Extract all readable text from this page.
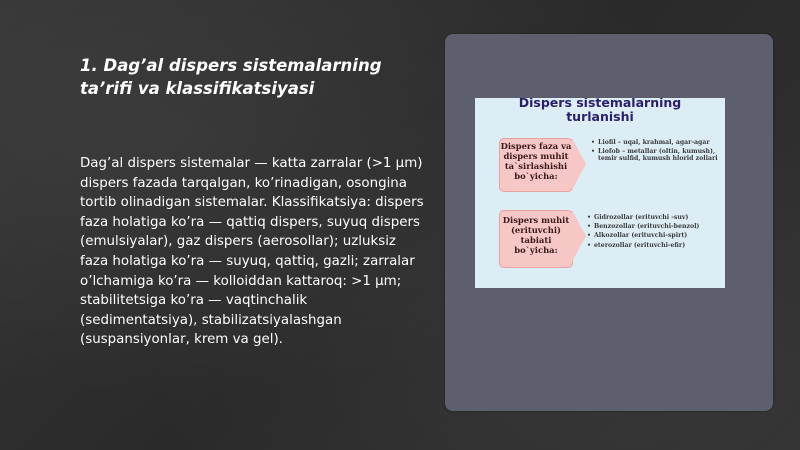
1. Dag’al dispers sistemalarning ta’rifi va klassifikatsiyasi

Dag’al dispers sistemalar — katta zarralar (>1 μm) dispers fazada tarqalgan, ko’rinadigan, osongina tortib olinadigan sistemalar. Klassifikatsiya: dispers faza holatiga ko’ra — qattiq dispers, suyuq dispers (emulsiyalar), gaz dispers (aerosollar); uzluksiz faza holatiga ko’ra — suyuq, qattiq, gazli; zarralar o’lchamiga ko’ra — kolloiddan kattaroq: >1 μm; stabilitetsiga ko’ra — vaqtinchalik (sedimentatsiya), stabilizatsiyalashgan (suspansiyonlar, krem va gel).

Dispers sistemalarning
turlanishi
Dispers faza va
dispers muhit
ta`sirlashishi
bo`yicha:
• Liofil – uqal, krahmal, agar-agar
• Liofob – metallar (oltin, kumush), temir sulfid, kumush hlorid zollari
Dispers muhit
(erituvchi)
tabiati
bo`yicha:
• Gidrozollar (erituvchi -suv)
• Benzozollar (erituvchi-benzol)
• Alkozollar (erituvchi-spirt)
• eterozollar (erituvchi-efir)
